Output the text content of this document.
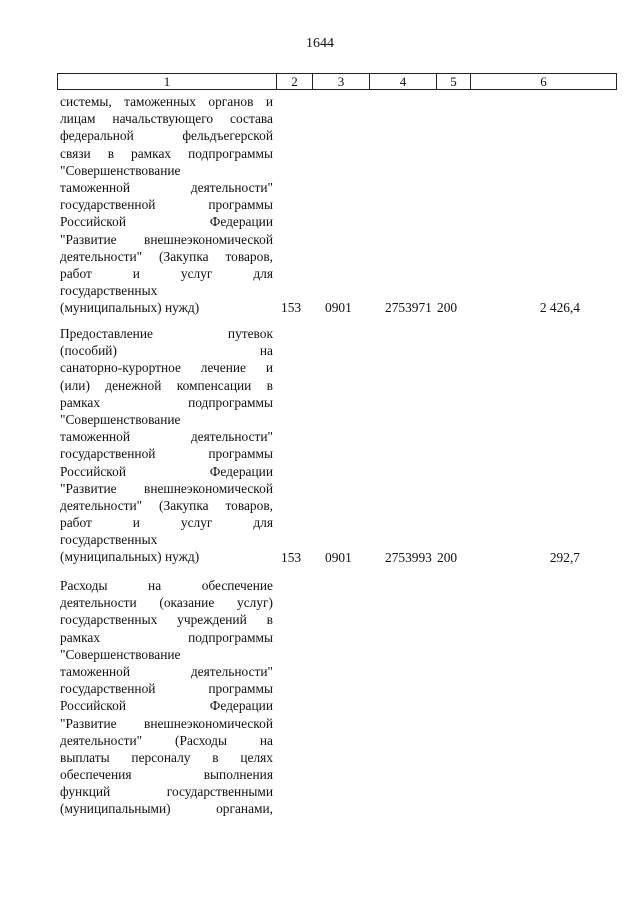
1644
1	2	3	4	5	6
системы, таможенных органов и
лицам начальствующего состава
федеральной фельдъегерской
связи в рамках подпрограммы
"Совершенствование
таможенной деятельности"
государственной программы
Российской Федерации
"Развитие внешнеэкономической
деятельности" (Закупка товаров,
работ и услуг для
государственных
(муниципальных) нужд)	153 0901 2753971 200	2 426,4
Предоставление путевок
(пособий) на
санаторно-курортное лечение и
(или) денежной компенсации в
рамках подпрограммы
"Совершенствование
таможенной деятельности"
государственной программы
Российской Федерации
"Развитие внешнеэкономической
деятельности" (Закупка товаров,
работ и услуг для
государственных
(муниципальных) нужд)	153 0901 2753993 200	292,7
Расходы на обеспечение
деятельности (оказание услуг)
государственных учреждений в
рамках подпрограммы
"Совершенствование
таможенной деятельности"
государственной программы
Российской Федерации
"Развитие внешнеэкономической
деятельности" (Расходы на
выплаты персоналу в целях
обеспечения выполнения
функций государственными
(муниципальными) органами,
